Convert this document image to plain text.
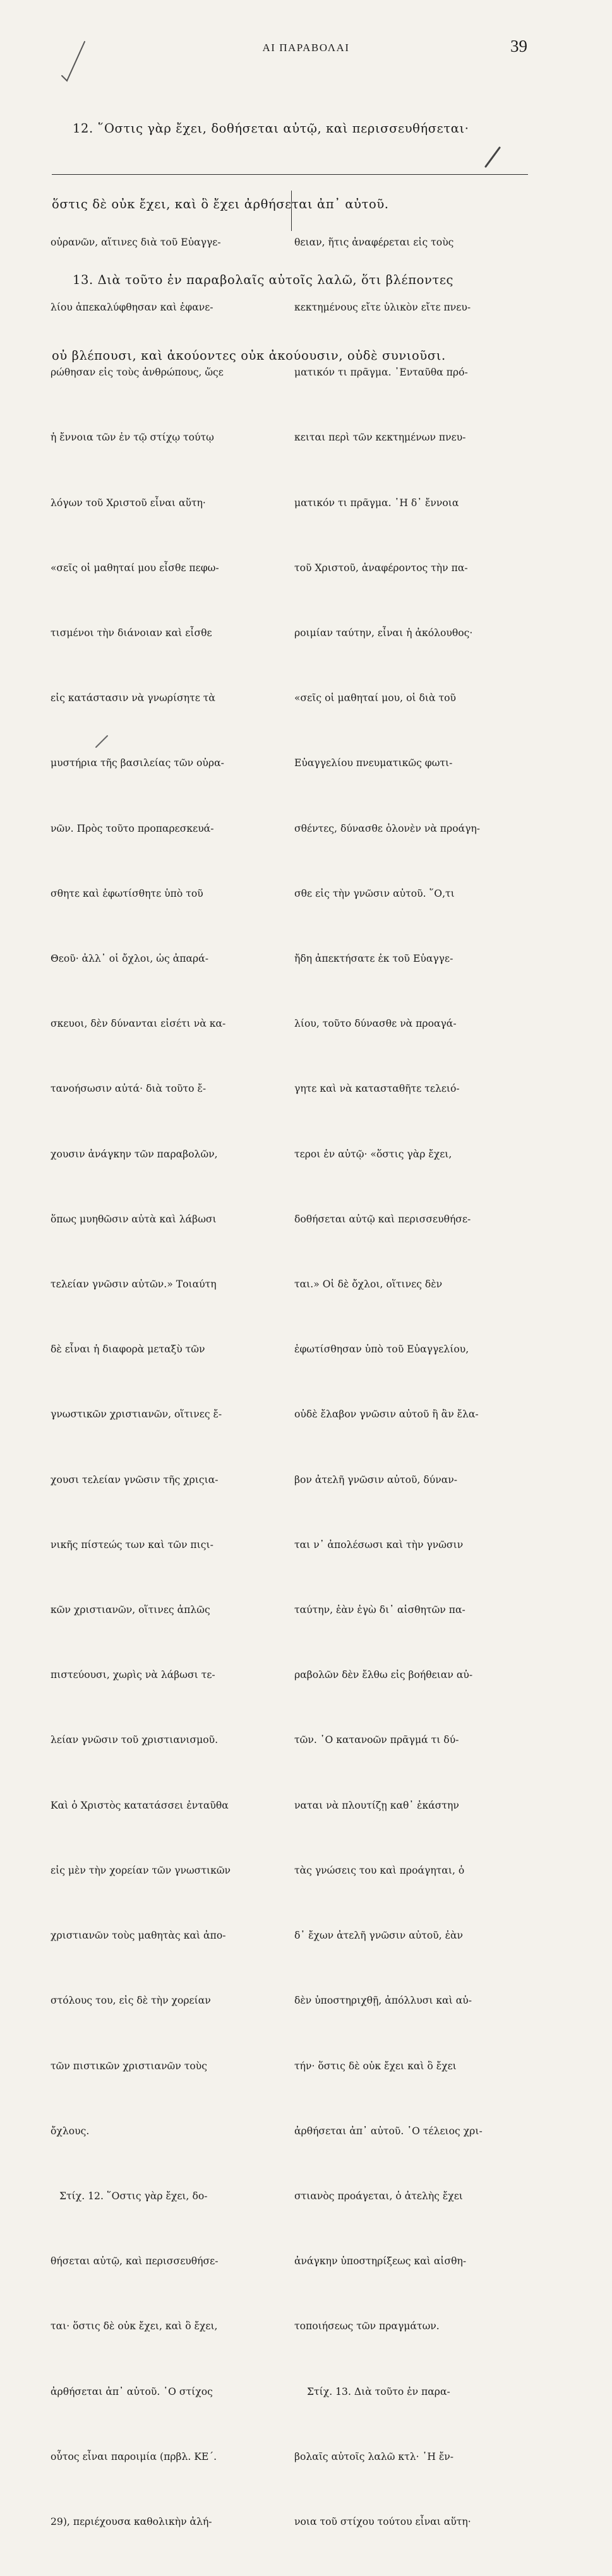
ΑΙ ΠΑΡΑΒΟΛΑΙ	39

12. ῞Οστις γὰρ ἔχει, δοθήσεται αὐτῷ, καὶ περισσευθήσεται·

ὅστις δὲ οὐκ ἔχει, καὶ ὃ ἔχει ἀρθήσεται ἀπ᾽ αὐτοῦ.

13. Διὰ τοῦτο ἐν παραβολαῖς αὐτοῖς λαλῶ, ὅτι βλέποντες

οὐ βλέπουσι, καὶ ἀκούοντες οὐκ ἀκούουσιν, οὐδὲ συνιοῦσι.

οὐρανῶν, αἵτινες διὰ τοῦ Εὐαγγε-

λίου ἀπεκαλύφθησαν καὶ ἐφανε-

ρώθησαν εἰς τοὺς ἀνθρώπους, ὥςε

ἡ ἔννοια τῶν ἐν τῷ στίχῳ τούτῳ

λόγων τοῦ Χριστοῦ εἶναι αὕτη·

«σεῖς οἱ μαθηταί μου εἶσθε πεφω-

τισμένοι τὴν διάνοιαν καὶ εἶσθε

εἰς κατάστασιν νὰ γνωρίσητε τὰ

μυστήρια τῆς βασιλείας τῶν οὐρα-

νῶν. Πρὸς τοῦτο προπαρεσκευά-

σθητε καὶ ἐφωτίσθητε ὑπὸ τοῦ

Θεοῦ· ἀλλ᾽ οἱ ὄχλοι, ὡς ἀπαρά-

σκευοι, δὲν δύνανται εἰσέτι νὰ κα-

τανοήσωσιν αὐτά· διὰ τοῦτο ἔ-

χουσιν ἀνάγκην τῶν παραβολῶν,

ὅπως μυηθῶσιν αὐτὰ καὶ λάβωσι

τελείαν γνῶσιν αὐτῶν.» Τοιαύτη

δὲ εἶναι ἡ διαφορὰ μεταξὺ τῶν

γνωστικῶν χριστιανῶν, οἵτινες ἔ-

χουσι τελείαν γνῶσιν τῆς χριςια-

νικῆς πίστεώς των καὶ τῶν πιςι-

κῶν χριστιανῶν, οἵτινες ἁπλῶς

πιστεύουσι, χωρὶς νὰ λάβωσι τε-

λείαν γνῶσιν τοῦ χριστιανισμοῦ.

Καὶ ὁ Χριστὸς κατατάσσει ἐνταῦθα

εἰς μὲν τὴν χορείαν τῶν γνωστικῶν

χριστιανῶν τοὺς μαθητὰς καὶ ἀπο-

στόλους του, εἰς δὲ τὴν χορείαν

τῶν πιστικῶν χριστιανῶν τοὺς

ὄχλους.

Στίχ. 12. ῞Οστις γὰρ ἔχει, δο-

θήσεται αὐτῷ, καὶ περισσευθήσε-

ται· ὅστις δὲ οὐκ ἔχει, καὶ ὃ ἔχει,

ἀρθήσεται ἀπ᾽ αὐτοῦ. ῾Ο στίχος

οὗτος εἶναι παροιμία (πρβλ. ΚΕ΄.

29), περιέχουσα καθολικὴν ἀλή-

θειαν, ἥτις ἀναφέρεται εἰς τοὺς

κεκτημένους εἴτε ὑλικὸν εἴτε πνευ-

ματικόν τι πρᾶγμα. ᾿Ενταῦθα πρό-

κειται περὶ τῶν κεκτημένων πνευ-

ματικόν τι πρᾶγμα. ῾Η δ᾽ ἔννοια

τοῦ Χριστοῦ, ἀναφέροντος τὴν πα-

ροιμίαν ταύτην, εἶναι ἡ ἀκόλουθος·

«σεῖς οἱ μαθηταί μου, οἱ διὰ τοῦ

Εὐαγγελίου πνευματικῶς φωτι-

σθέντες, δύνασθε ὁλονὲν νὰ προάγη-

σθε εἰς τὴν γνῶσιν αὐτοῦ. ῞Ο,τι

ἤδη ἀπεκτήσατε ἐκ τοῦ Εὐαγγε-

λίου, τοῦτο δύνασθε νὰ προαγά-

γητε καὶ νὰ κατασταθῆτε τελειό-

τεροι ἐν αὐτῷ· «ὅστις γὰρ ἔχει,

δοθήσεται αὐτῷ καὶ περισσευθήσε-

ται.» Οἱ δὲ ὄχλοι, οἵτινες δὲν

ἐφωτίσθησαν ὑπὸ τοῦ Εὐαγγελίου,

οὐδὲ ἔλαβον γνῶσιν αὐτοῦ ἢ ἂν ἔλα-

βον ἀτελῆ γνῶσιν αὐτοῦ, δύναν-

ται ν᾽ ἀπολέσωσι καὶ τὴν γνῶσιν

ταύτην, ἐὰν ἐγὼ δι᾽ αἰσθητῶν πα-

ραβολῶν δὲν ἔλθω εἰς βοήθειαν αὐ-

τῶν. ῾Ο κατανοῶν πρᾶγμά τι δύ-

ναται νὰ πλουτίζῃ καθ᾽ ἑκάστην

τὰς γνώσεις του καὶ προάγηται, ὁ

δ᾽ ἔχων ἀτελῆ γνῶσιν αὐτοῦ, ἐὰν

δὲν ὑποστηριχθῇ, ἀπόλλυσι καὶ αὐ-

τήν· ὅστις δὲ οὐκ ἔχει καὶ ὃ ἔχει

ἀρθήσεται ἀπ᾽ αὐτοῦ. ῾Ο τέλειος χρι-

στιανὸς προάγεται, ὁ ἀτελὴς ἔχει

ἀνάγκην ὑποστηρίξεως καὶ αἰσθη-

τοποιήσεως τῶν πραγμάτων.

Στίχ. 13. Διὰ τοῦτο ἐν παρα-

βολαῖς αὐτοῖς λαλῶ κτλ· ῾Η ἔν-

νοια τοῦ στίχου τούτου εἶναι αὕτη·
